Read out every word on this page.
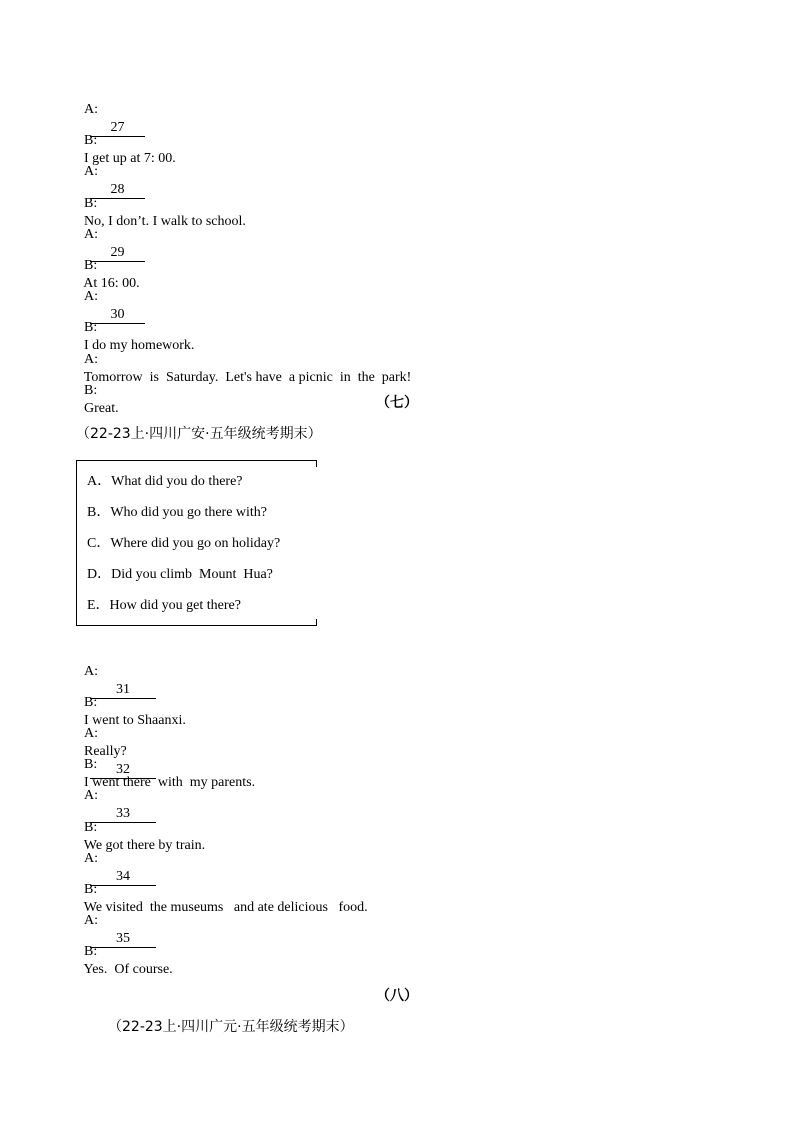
A:
27

B:
I get up at 7: 00.

A:
28

B:
No, I don’t. I walk to school.

A:
29

B:
At 16: 00.

A:
30

B:
I do my homework.

A:
Tomorrow  is  Saturday.  Let's have  a picnic  in  the  park!

B:
Great.	（七）
（22-23上·四川广安·五年级统考期末）
A．What did you do there?
B．Who did you go there with?
C．Where did you go on holiday?
D．Did you climb  Mount  Hua?
E．How did you get there?

A:
31

B:
I went to Shaanxi.

A:
Really?
32

B:
I went there  with  my parents.

A:
33

B:
We got there by train.

A:
34

B:
We visited  the museums   and ate delicious   food.

A:
35

B:
Yes.  Of course.

（八）
（22-23上·四川广元·五年级统考期末）
